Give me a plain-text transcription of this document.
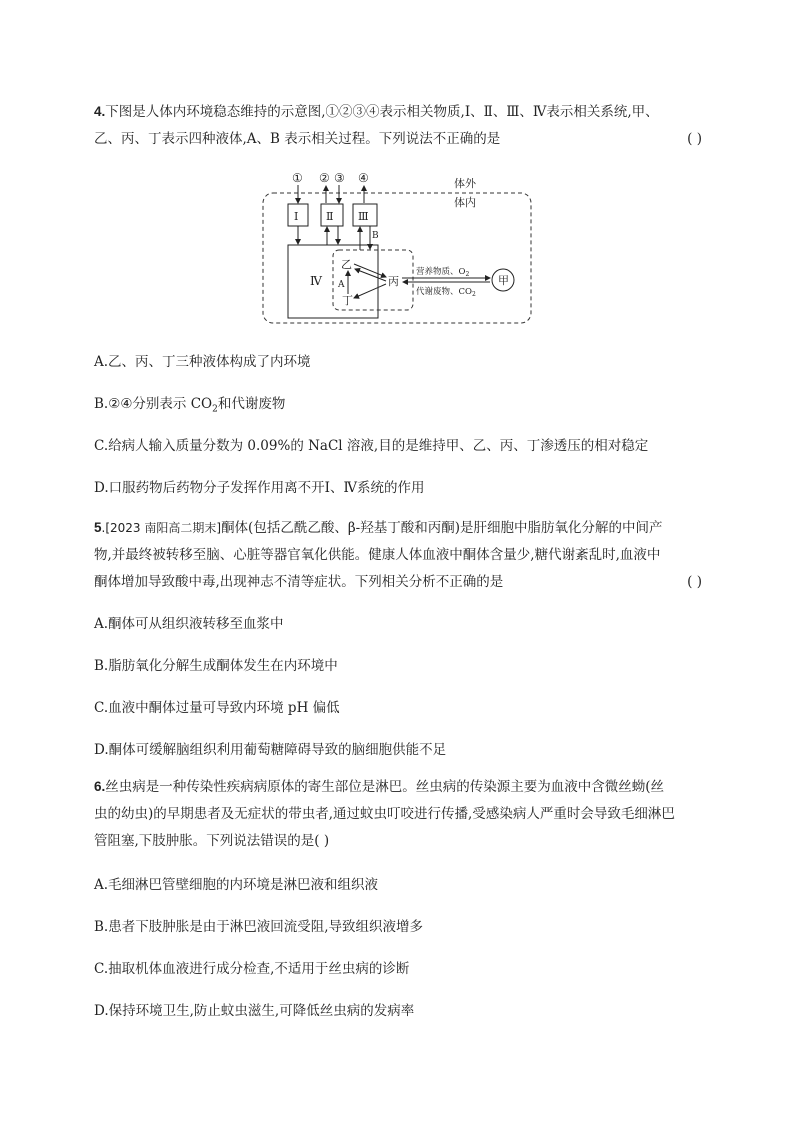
4.下图是人体内环境稳态维持的示意图,①②③④表示相关物质,Ⅰ、Ⅱ、Ⅲ、Ⅳ表示相关系统,甲、
乙、丙、丁表示四种液体,A、B 表示相关过程。下列说法不正确的是	( )
体外
体内
① ② ③ ④
Ⅰ	Ⅱ Ⅲ
B
Ⅳ
乙
丁
丙
A
营养物质、$O_2$
代谢废物、$CO_2$
甲
A.乙、丙、丁三种液体构成了内环境
B.②④分别表示 $CO_2$和代谢废物
C.给病人输入质量分数为 0.09%的 NaCl 溶液,目的是维持甲、乙、丙、丁渗透压的相对稳定
D.口服药物后药物分子发挥作用离不开Ⅰ、Ⅳ系统的作用
5.[2023 南阳高二期末]酮体(包括乙酰乙酸、β-羟基丁酸和丙酮)是肝细胞中脂肪氧化分解的中间产
物,并最终被转移至脑、心脏等器官氧化供能。健康人体血液中酮体含量少,糖代谢紊乱时,血液中
酮体增加导致酸中毒,出现神志不清等症状。下列相关分析不正确的是	( )
A.酮体可从组织液转移至血浆中
B.脂肪氧化分解生成酮体发生在内环境中
C.血液中酮体过量可导致内环境 pH 偏低
D.酮体可缓解脑组织利用葡萄糖障碍导致的脑细胞供能不足
6.丝虫病是一种传染性疾病病原体的寄生部位是淋巴。丝虫病的传染源主要为血液中含微丝蚴(丝
虫的幼虫)的早期患者及无症状的带虫者,通过蚊虫叮咬进行传播,受感染病人严重时会导致毛细淋巴
管阻塞,下肢肿胀。下列说法错误的是( )
A.毛细淋巴管壁细胞的内环境是淋巴液和组织液
B.患者下肢肿胀是由于淋巴液回流受阻,导致组织液增多
C.抽取机体血液进行成分检查,不适用于丝虫病的诊断
D.保持环境卫生,防止蚊虫滋生,可降低丝虫病的发病率
